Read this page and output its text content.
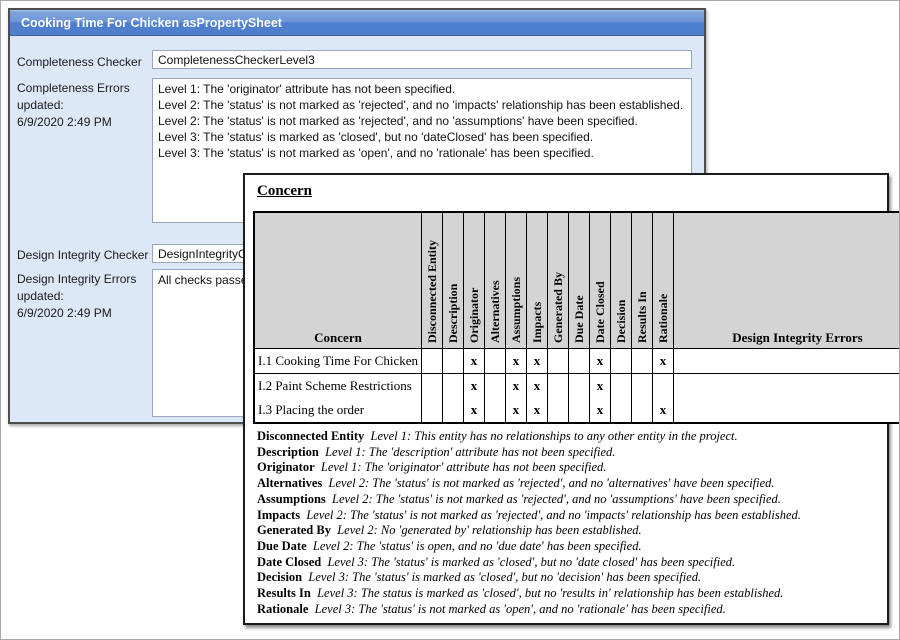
Cooking Time For Chicken asPropertySheet
Completeness Checker
CompletenessCheckerLevel3
Completeness Errors
updated:
6/9/2020 2:49 PM
Level 1: The 'originator' attribute has not been specified. Level 2: The 'status' is not marked as 'rejected', and no 'impacts' relationship has been established. Level 2: The 'status' is not marked as 'rejected', and no 'assumptions' have been specified. Level 3: The 'status' is marked as 'closed', but no 'dateClosed' has been specified. Level 3: The 'status' is not marked as 'open', and no 'rationale' has been specified.
Design Integrity Checker
DesignIntegrityC
Design Integrity Errors
updated:
6/9/2020 2:49 PM
All checks passe
Concern
Concern	Disconnected Entity	Description	Originator	Alternatives	Assumptions	Impacts	Generated By	Due Date	Date Closed	Decision	Results In	Rationale	Design Integrity Errors
I.1 Cooking Time For Chicken			x		x	x			x			x	
I.2 Paint Scheme Restrictions			x		x	x			x				
I.3 Placing the order			x		x	x			x			x	
Disconnected Entity  Level 1: This entity has no relationships to any other entity in the project.
Description  Level 1: The 'description' attribute has not been specified.
Originator  Level 1: The 'originator' attribute has not been specified.
Alternatives  Level 2: The 'status' is not marked as 'rejected', and no 'alternatives' have been specified.
Assumptions  Level 2: The 'status' is not marked as 'rejected', and no 'assumptions' have been specified.
Impacts  Level 2: The 'status' is not marked as 'rejected', and no 'impacts' relationship has been established.
Generated By  Level 2: No 'generated by' relationship has been established.
Due Date  Level 2: The 'status' is open, and no 'due date' has been specified.
Date Closed  Level 3: The 'status' is marked as 'closed', but no 'date closed' has been specified.
Decision  Level 3: The 'status' is marked as 'closed', but no 'decision' has been specified.
Results In  Level 3: The status is marked as 'closed', but no 'results in' relationship has been established.
Rationale  Level 3: The 'status' is not marked as 'open', and no 'rationale' has been specified.
